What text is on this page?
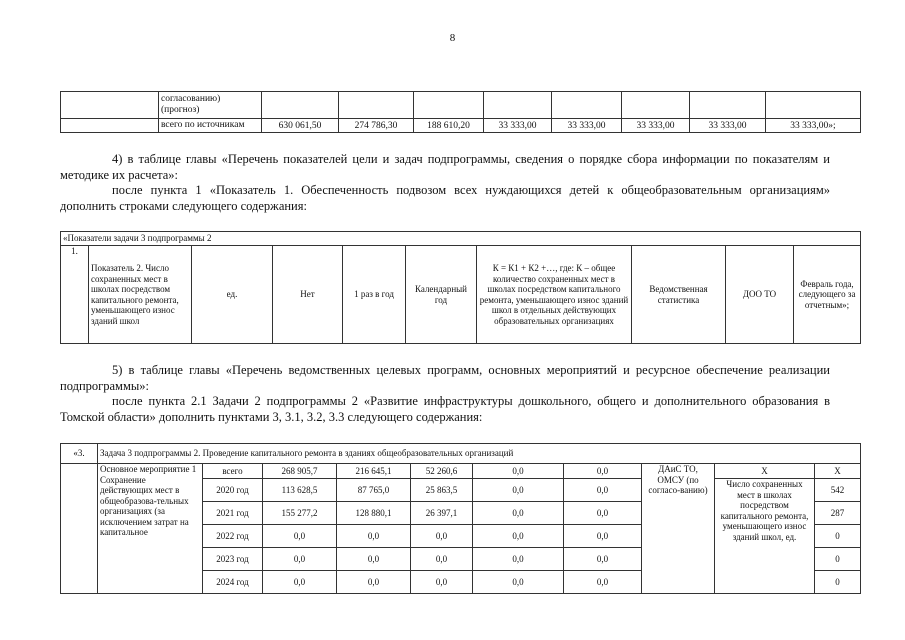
8
	согласованию) (прогноз)								
	всего по источникам	630 061,50	274 786,30	188 610,20	33 333,00	33 333,00	33 333,00	33 333,00	33 333,00»;

4) в таблице главы «Перечень показателей цели и задач подпрограммы, сведения о порядке сбора информации по показателям и методике их расчета»:

после пункта 1 «Показатель 1. Обеспеченность подвозом всех нуждающихся детей к общеобразовательным организациям» дополнить строками следующего содержания:

«Показатели задачи 3 подпрограммы 2
1.	Показатель 2. Число сохраненных мест в школах посредством капитального ремонта, уменьшающего износ зданий школ	ед.	Нет	1 раз в год	Календарный год	К = К1 + К2 +…, где: К – общее количество сохраненных мест в школах посредством капитального ремонта, уменьшающего износ зданий школ в отдельных действующих образовательных организациях	Ведомственная статистика	ДОО ТО	Февраль года, следующего за отчетным»;

5) в таблице главы «Перечень ведомственных целевых программ, основных мероприятий и ресурсное обеспечение реализации подпрограммы»:

после пункта 2.1 Задачи 2 подпрограммы 2 «Развитие инфраструктуры дошкольного, общего и дополнительного образования в Томской области» дополнить пунктами 3, 3.1, 3.2, 3.3 следующего содержания:

«3.	Задача 3 подпрограммы 2. Проведение капитального ремонта в зданиях общеобразовательных организаций									
	Основное мероприятие 1 Сохранение действующих мест в общеобразова-тельных организациях (за исключением затрат на капитальное	всего	268 905,7	216 645,1	52 260,6	0,0	0,0	ДАиС ТО, ОМСУ (по согласо-ванию)	Х	Х
		2020 год	113 628,5	87 765,0	25 863,5	0,0	0,0		Число сохраненных мест в школах посредством капитального ремонта, уменьшающего износ зданий школ, ед.	542
		2021 год	155 277,2	128 880,1	26 397,1	0,0	0,0			287
		2022 год	0,0	0,0	0,0	0,0	0,0			0
		2023 год	0,0	0,0	0,0	0,0	0,0			0
		2024 год	0,0	0,0	0,0	0,0	0,0			0
